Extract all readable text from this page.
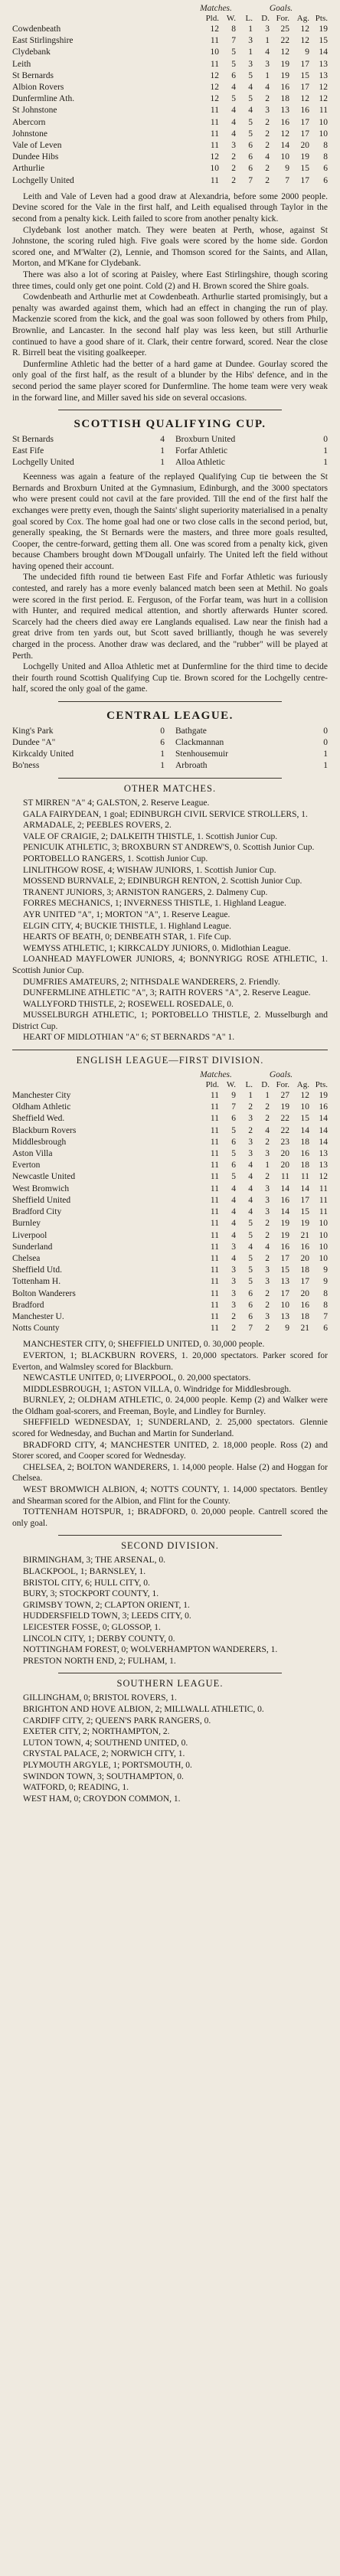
Matches.	Goals.
Pld. W.	L.	D. For. Ag. Pts.
Cowdenbeath	12	8	1	3	25	12	19
East Stirlingshire	11	7	3	1	22	12	15
Clydebank	10	5	1	4	12	9	14
Leith	11	5	3	3	19	17	13
St Bernards	12	6	5	1	19	15	13
Albion Rovers	12	4	4	4	16	17	12
Dunfermline Ath.	12	5	5	2	18	12	12
St Johnstone	11	4	4	3	13	16	11
Abercorn	11	4	5	2	16	17	10
Johnstone	11	4	5	2	12	17	10
Vale of Leven	11	3	6	2	14	20	8
Dundee Hibs	12	2	6	4	10	19	8
Arthurlie	10	2	6	2	9	15	6
Lochgelly United	11	2	7	2	7	17	6

Leith and Vale of Leven had a good draw at Alexandria, before some 2000 people. Devine scored for the Vale in the first half, and Leith equalised through Taylor in the second from a penalty kick. Leith failed to score from another penalty kick.

Clydebank lost another match. They were beaten at Perth, whose, against St Johnstone, the scoring ruled high. Five goals were scored by the home side. Gordon scored one, and M'Walter (2), Lennie, and Thomson scored for the Saints, and Allan, Morton, and M'Kane for Clydebank.

There was also a lot of scoring at Paisley, where East Stirlingshire, though scoring three times, could only get one point. Cold (2) and H. Brown scored the Shire goals.

Cowdenbeath and Arthurlie met at Cowdenbeath. Arthurlie started promisingly, but a penalty was awarded against them, which had an effect in changing the run of play. Mackenzie scored from the kick, and the goal was soon followed by others from Philp, Brownlie, and Lancaster. In the second half play was less keen, but still Arthurlie continued to have a good share of it. Clark, their centre forward, scored. Near the close R. Birrell beat the visiting goalkeeper.

Dunfermline Athletic had the better of a hard game at Dundee. Gourlay scored the only goal of the first half, as the result of a blunder by the Hibs' defence, and in the second period the same player scored for Dunfermline. The home team were very weak in the forward line, and Miller saved his side on several occasions.

SCOTTISH QUALIFYING CUP.
St Bernards	4	Broxburn United	0
East Fife	1	Forfar Athletic	1
Lochgelly United	1	Alloa Athletic	1

Keenness was again a feature of the replayed Qualifying Cup tie between the St Bernards and Broxburn United at the Gymnasium, Edinburgh, and the 3000 spectators who were present could not cavil at the fare provided. Till the end of the first half the exchanges were pretty even, though the Saints' slight superiority materialised in a penalty goal scored by Cox. The home goal had one or two close calls in the second period, but, generally speaking, the St Bernards were the masters, and three more goals resulted, Cooper, the centre-forward, getting them all. One was scored from a penalty kick, given because Chambers brought down M'Dougall unfairly. The United left the field without having opened their account.

The undecided fifth round tie between East Fife and Forfar Athletic was furiously contested, and rarely has a more evenly balanced match been seen at Methil. No goals were scored in the first period. E. Ferguson, of the Forfar team, was hurt in a collision with Hunter, and required medical attention, and shortly afterwards Hunter scored. Scarcely had the cheers died away ere Langlands equalised. Law near the finish had a great drive from ten yards out, but Scott saved brilliantly, though he was severely charged in the process. Another draw was declared, and the "rubber" will be played at Perth.

Lochgelly United and Alloa Athletic met at Dunfermline for the third time to decide their fourth round Scottish Qualifying Cup tie. Brown scored for the Lochgelly centre-half, scored the only goal of the game.

CENTRAL LEAGUE.
King's Park	0	Bathgate	0
Dundee "A"	6	Clackmannan	0
Kirkcaldy United	1	Stenhousemuir	1
Bo'ness	1	Arbroath	1
OTHER MATCHES.

ST MIRREN "A" 4; GALSTON, 2. Reserve League.

GALA FAIRYDEAN, 1 goal; EDINBURGH CIVIL SERVICE STROLLERS, 1.

ARMADALE, 2; PEEBLES ROVERS, 2.

VALE OF CRAIGIE, 2; DALKEITH THISTLE, 1. Scottish Junior Cup.

PENICUIK ATHLETIC, 3; BROXBURN ST ANDREW'S, 0. Scottish Junior Cup.

PORTOBELLO RANGERS, 1. Scottish Junior Cup.

LINLITHGOW ROSE, 4; WISHAW JUNIORS, 1. Scottish Junior Cup.

MOSSEND BURNVALE, 2; EDINBURGH RENTON, 2. Scottish Junior Cup.

TRANENT JUNIORS, 3; ARNISTON RANGERS, 2. Dalmeny Cup.

FORRES MECHANICS, 1; INVERNESS THISTLE, 1. Highland League.

AYR UNITED "A", 1; MORTON "A", 1. Reserve League.

ELGIN CITY, 4; BUCKIE THISTLE, 1. Highland League.

HEARTS OF BEATH, 0; DENBEATH STAR, 1. Fife Cup.

WEMYSS ATHLETIC, 1; KIRKCALDY JUNIORS, 0. Midlothian League.

LOANHEAD MAYFLOWER JUNIORS, 4; BONNYRIGG ROSE ATHLETIC, 1. Scottish Junior Cup.

DUMFRIES AMATEURS, 2; NITHSDALE WANDERERS, 2. Friendly.

DUNFERMLINE ATHLETIC "A", 3; RAITH ROVERS "A", 2. Reserve League.

WALLYFORD THISTLE, 2; ROSEWELL ROSEDALE, 0.

MUSSELBURGH ATHLETIC, 1; PORTOBELLO THISTLE, 2. Musselburgh and District Cup.

HEART OF MIDLOTHIAN "A" 6; ST BERNARDS "A" 1.

ENGLISH LEAGUE—FIRST DIVISION.
Matches.	Goals.
Pld. W.	L.	D. For. Ag. Pts.
Manchester City	11	9	1	1	27	12	19
Oldham Athletic	11	7	2	2	19	10	16
Sheffield Wed.	11	6	3	2	22	15	14
Blackburn Rovers	11	5	2	4	22	14	14
Middlesbrough	11	6	3	2	23	18	14
Aston Villa	11	5	3	3	20	16	13
Everton	11	6	4	1	20	18	13
Newcastle United	11	5	4	2	11	11	12
West Bromwich	11	4	4	3	14	14	11
Sheffield United	11	4	4	3	16	17	11
Bradford City	11	4	4	3	14	15	11
Burnley	11	4	5	2	19	19	10
Liverpool	11	4	5	2	19	21	10
Sunderland	11	3	4	4	16	16	10
Chelsea	11	4	5	2	17	20	10
Sheffield Utd.	11	3	5	3	15	18	9
Tottenham H.	11	3	5	3	13	17	9
Bolton Wanderers	11	3	6	2	17	20	8
Bradford	11	3	6	2	10	16	8
Manchester U.	11	2	6	3	13	18	7
Notts County	11	2	7	2	9	21	6

MANCHESTER CITY, 0; SHEFFIELD UNITED, 0. 30,000 people.

EVERTON, 1; BLACKBURN ROVERS, 1. 20,000 spectators. Parker scored for Everton, and Walmsley scored for Blackburn.

NEWCASTLE UNITED, 0; LIVERPOOL, 0. 20,000 spectators.

MIDDLESBROUGH, 1; ASTON VILLA, 0. Windridge for Middlesbrough.

BURNLEY, 2; OLDHAM ATHLETIC, 0. 24,000 people. Kemp (2) and Walker were the Oldham goal-scorers, and Freeman, Boyle, and Lindley for Burnley.

SHEFFIELD WEDNESDAY, 1; SUNDERLAND, 2. 25,000 spectators. Glennie scored for Wednesday, and Buchan and Martin for Sunderland.

BRADFORD CITY, 4; MANCHESTER UNITED, 2. 18,000 people. Ross (2) and Storer scored, and Cooper scored for Wednesday.

CHELSEA, 2; BOLTON WANDERERS, 1. 14,000 people. Halse (2) and Hoggan for Chelsea.

WEST BROMWICH ALBION, 4; NOTTS COUNTY, 1. 14,000 spectators. Bentley and Shearman scored for the Albion, and Flint for the County.

TOTTENHAM HOTSPUR, 1; BRADFORD, 0. 20,000 people. Cantrell scored the only goal.

SECOND DIVISION.

BIRMINGHAM, 3; THE ARSENAL, 0.

BLACKPOOL, 1; BARNSLEY, 1.

BRISTOL CITY, 6; HULL CITY, 0.

BURY, 3; STOCKPORT COUNTY, 1.

GRIMSBY TOWN, 2; CLAPTON ORIENT, 1.

HUDDERSFIELD TOWN, 3; LEEDS CITY, 0.

LEICESTER FOSSE, 0; GLOSSOP, 1.

LINCOLN CITY, 1; DERBY COUNTY, 0.

NOTTINGHAM FOREST, 0; WOLVERHAMPTON WANDERERS, 1.

PRESTON NORTH END, 2; FULHAM, 1.

SOUTHERN LEAGUE.

GILLINGHAM, 0; BRISTOL ROVERS, 1.

BRIGHTON AND HOVE ALBION, 2; MILLWALL ATHLETIC, 0.

CARDIFF CITY, 2; QUEEN'S PARK RANGERS, 0.

EXETER CITY, 2; NORTHAMPTON, 2.

LUTON TOWN, 4; SOUTHEND UNITED, 0.

CRYSTAL PALACE, 2; NORWICH CITY, 1.

PLYMOUTH ARGYLE, 1; PORTSMOUTH, 0.

SWINDON TOWN, 3; SOUTHAMPTON, 0.

WATFORD, 0; READING, 1.

WEST HAM, 0; CROYDON COMMON, 1.
